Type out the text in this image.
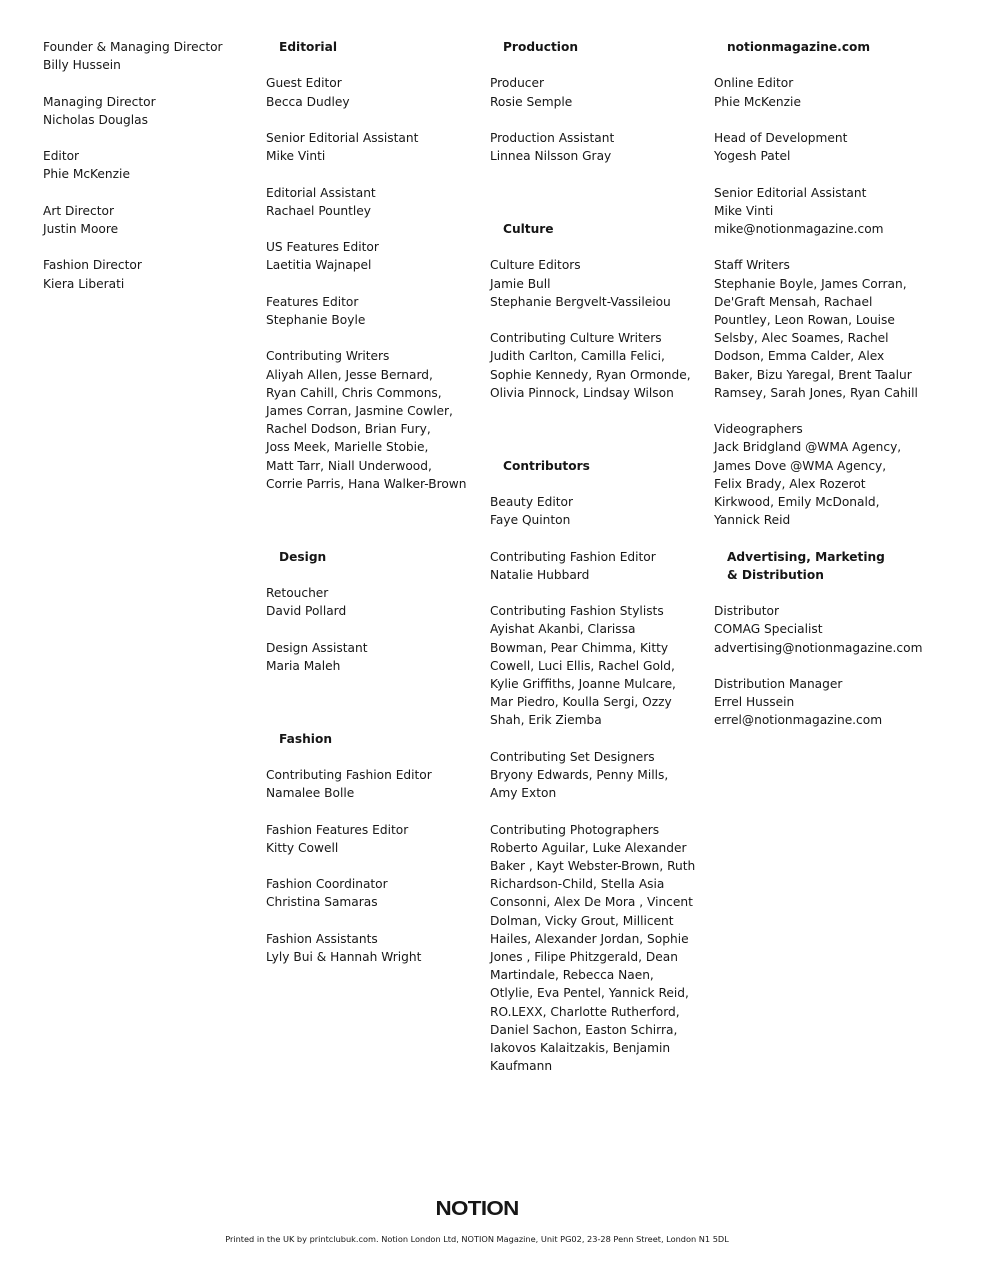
Founder & Managing Director
Billy Hussein
Managing Director
Nicholas Douglas
Editor
Phie McKenzie
Art Director
Justin Moore
Fashion Director
Kiera Liberati
Editorial
Guest Editor
Becca Dudley
Senior Editorial Assistant
Mike Vinti
Editorial Assistant
Rachael Pountley
US Features Editor
Laetitia Wajnapel
Features Editor
Stephanie Boyle
Contributing Writers
Aliyah Allen, Jesse Bernard,
Ryan Cahill, Chris Commons,
James Corran, Jasmine Cowler,
Rachel Dodson, Brian Fury,
Joss Meek, Marielle Stobie,
Matt Tarr, Niall Underwood,
Corrie Parris, Hana Walker-Brown
Design
Retoucher
David Pollard
Design Assistant
Maria Maleh
Fashion
Contributing Fashion Editor
Namalee Bolle
Fashion Features Editor
Kitty Cowell
Fashion Coordinator
Christina Samaras
Fashion Assistants
Lyly Bui & Hannah Wright
Production
Producer
Rosie Semple
Production Assistant
Linnea Nilsson Gray
Culture
Culture Editors
Jamie Bull
Stephanie Bergvelt-Vassileiou
Contributing Culture Writers
Judith Carlton, Camilla Felici,
Sophie Kennedy, Ryan Ormonde,
Olivia Pinnock, Lindsay Wilson
Contributors
Beauty Editor
Faye Quinton
Contributing Fashion Editor
Natalie Hubbard
Contributing Fashion Stylists
Ayishat Akanbi, Clarissa
Bowman, Pear Chimma, Kitty
Cowell, Luci Ellis, Rachel Gold,
Kylie Griffiths, Joanne Mulcare,
Mar Piedro, Koulla Sergi, Ozzy
Shah, Erik Ziemba
Contributing Set Designers
Bryony Edwards, Penny Mills,
Amy Exton
Contributing Photographers
Roberto Aguilar, Luke Alexander
Baker , Kayt Webster-Brown, Ruth
Richardson-Child, Stella Asia
Consonni, Alex De Mora , Vincent
Dolman, Vicky Grout, Millicent
Hailes, Alexander Jordan, Sophie
Jones , Filipe Phitzgerald, Dean
Martindale, Rebecca Naen,
Otlylie, Eva Pentel, Yannick Reid,
RO.LEXX, Charlotte Rutherford,
Daniel Sachon, Easton Schirra,
Iakovos Kalaitzakis, Benjamin
Kaufmann
notionmagazine.com
Online Editor
Phie McKenzie
Head of Development
Yogesh Patel
Senior Editorial Assistant
Mike Vinti
mike@notionmagazine.com
Staff Writers
Stephanie Boyle, James Corran,
De'Graft Mensah, Rachael
Pountley, Leon Rowan, Louise
Selsby, Alec Soames, Rachel
Dodson, Emma Calder, Alex
Baker, Bizu Yaregal, Brent Taalur
Ramsey, Sarah Jones, Ryan Cahill
Videographers
Jack Bridgland @WMA Agency,
James Dove @WMA Agency,
Felix Brady, Alex Rozerot
Kirkwood, Emily McDonald,
Yannick Reid
Advertising, Marketing
& Distribution
Distributor
COMAG Specialist
advertising@notionmagazine.com
Distribution Manager
Errel Hussein
errel@notionmagazine.com
NOTION
Printed in the UK by printclubuk.com. Notion London Ltd, NOTION Magazine, Unit PG02, 23-28 Penn Street, London N1 5DL
